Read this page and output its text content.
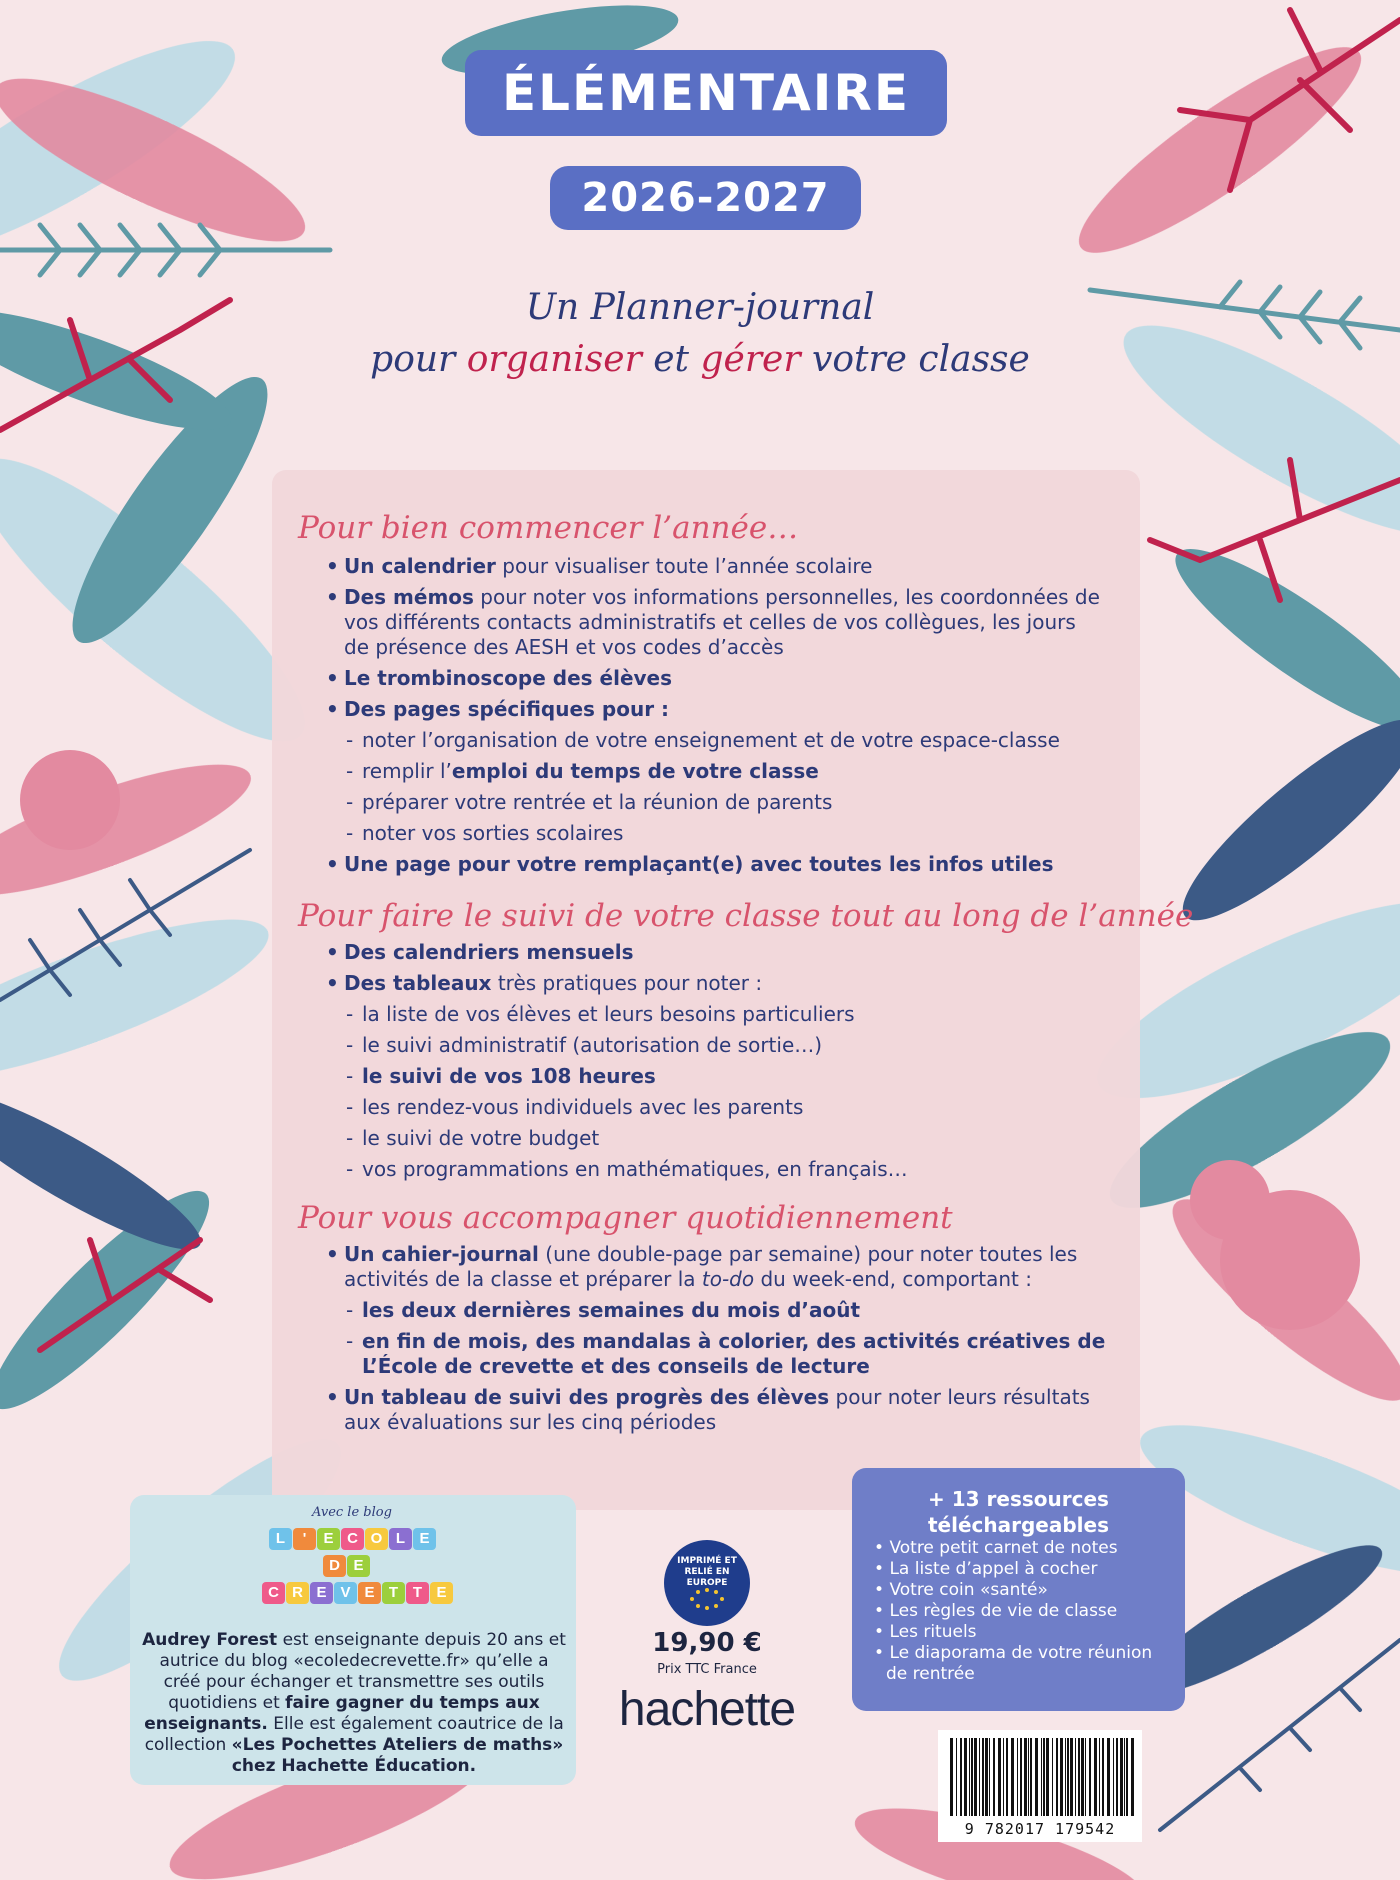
ÉLÉMENTAIRE
2026-2027
Un Planner-journal
pour organiser et gérer votre classe
Pour bien commencer l’année…
• Un calendrier pour visualiser toute l’année scolaire
• Des mémos pour noter vos informations personnelles, les coordonnées de vos différents contacts administratifs et celles de vos collègues, les jours de présence des AESH et vos codes d’accès
• Le trombinoscope des élèves
• Des pages spécifiques pour :
- noter l’organisation de votre enseignement et de votre espace-classe
- remplir l’emploi du temps de votre classe
- préparer votre rentrée et la réunion de parents
- noter vos sorties scolaires
• Une page pour votre remplaçant(e) avec toutes les infos utiles
Pour faire le suivi de votre classe tout au long de l’année
• Des calendriers mensuels
• Des tableaux très pratiques pour noter :
- la liste de vos élèves et leurs besoins particuliers
- le suivi administratif (autorisation de sortie…)
- le suivi de vos 108 heures
- les rendez-vous individuels avec les parents
- le suivi de votre budget
- vos programmations en mathématiques, en français…
Pour vous accompagner quotidiennement
• Un cahier-journal (une double-page par semaine) pour noter toutes les activités de la classe et préparer la to-do du week-end, comportant :
- les deux dernières semaines du mois d’août
- en fin de mois, des mandalas à colorier, des activités créatives de L’École de crevette et des conseils de lecture
• Un tableau de suivi des progrès des élèves pour noter leurs résultats aux évaluations sur les cinq périodes
Avec le blog
L	'	E C O L E
D E
C R E V E T T E
Audrey Forest est enseignante depuis 20 ans et autrice du blog «ecoledecrevette.fr» qu’elle a créé pour échanger et transmettre ses outils quotidiens et faire gagner du temps aux enseignants. Elle est également coautrice de la collection «Les Pochettes Ateliers de maths» chez Hachette Éducation.
IMPRIMÉ ET RELIÉ EN EUROPE
19,90 €
Prix TTC France
hachette
+ 13 ressources
téléchargeables
• Votre petit carnet de notes
• La liste d’appel à cocher
• Votre coin «santé»
• Les règles de vie de classe
• Les rituels
• Le diaporama de votre réunion de rentrée
9 782017 179542
